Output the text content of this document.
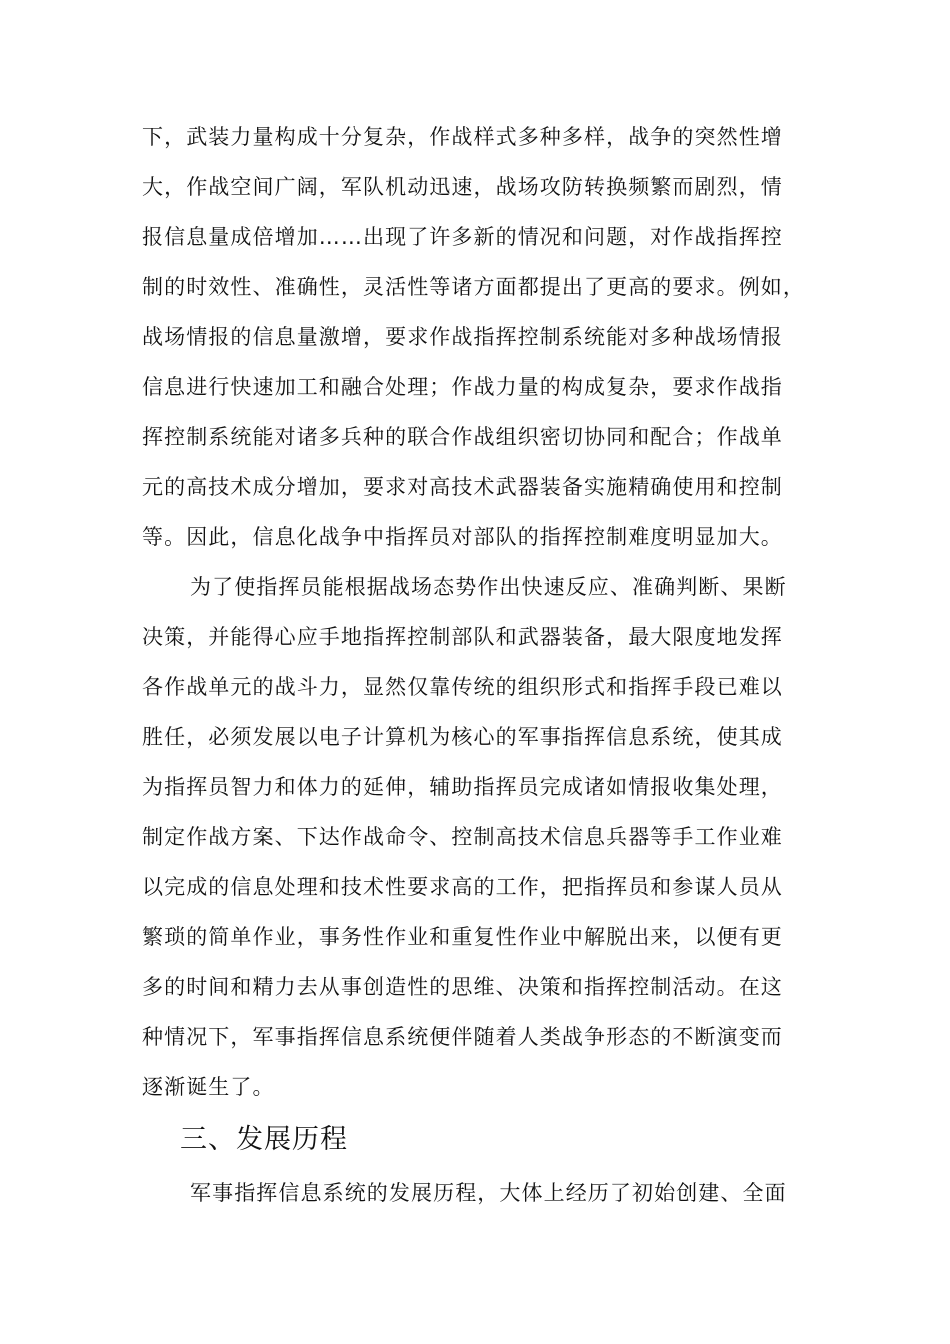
下，武装力量构成十分复杂，作战样式多种多样，战争的突然性增
大，作战空间广阔，军队机动迅速，战场攻防转换频繁而剧烈，情
报信息量成倍增加……出现了许多新的情况和问题，对作战指挥控
制的时效性、准确性，灵活性等诸方面都提出了更高的要求。例如，
战场情报的信息量激增，要求作战指挥控制系统能对多种战场情报
信息进行快速加工和融合处理；作战力量的构成复杂，要求作战指
挥控制系统能对诸多兵种的联合作战组织密切协同和配合；作战单
元的高技术成分增加，要求对高技术武器装备实施精确使用和控制
等。因此，信息化战争中指挥员对部队的指挥控制难度明显加大。
为了使指挥员能根据战场态势作出快速反应、准确判断、果断
决策，并能得心应手地指挥控制部队和武器装备，最大限度地发挥
各作战单元的战斗力，显然仅靠传统的组织形式和指挥手段已难以
胜任，必须发展以电子计算机为核心的军事指挥信息系统，使其成
为指挥员智力和体力的延伸，辅助指挥员完成诸如情报收集处理，
制定作战方案、下达作战命令、控制高技术信息兵器等手工作业难
以完成的信息处理和技术性要求高的工作，把指挥员和参谋人员从
繁琐的简单作业，事务性作业和重复性作业中解脱出来，以便有更
多的时间和精力去从事创造性的思维、决策和指挥控制活动。在这
种情况下，军事指挥信息系统便伴随着人类战争形态的不断演变而
逐渐诞生了。
三、发展历程
军事指挥信息系统的发展历程，大体上经历了初始创建、全面
